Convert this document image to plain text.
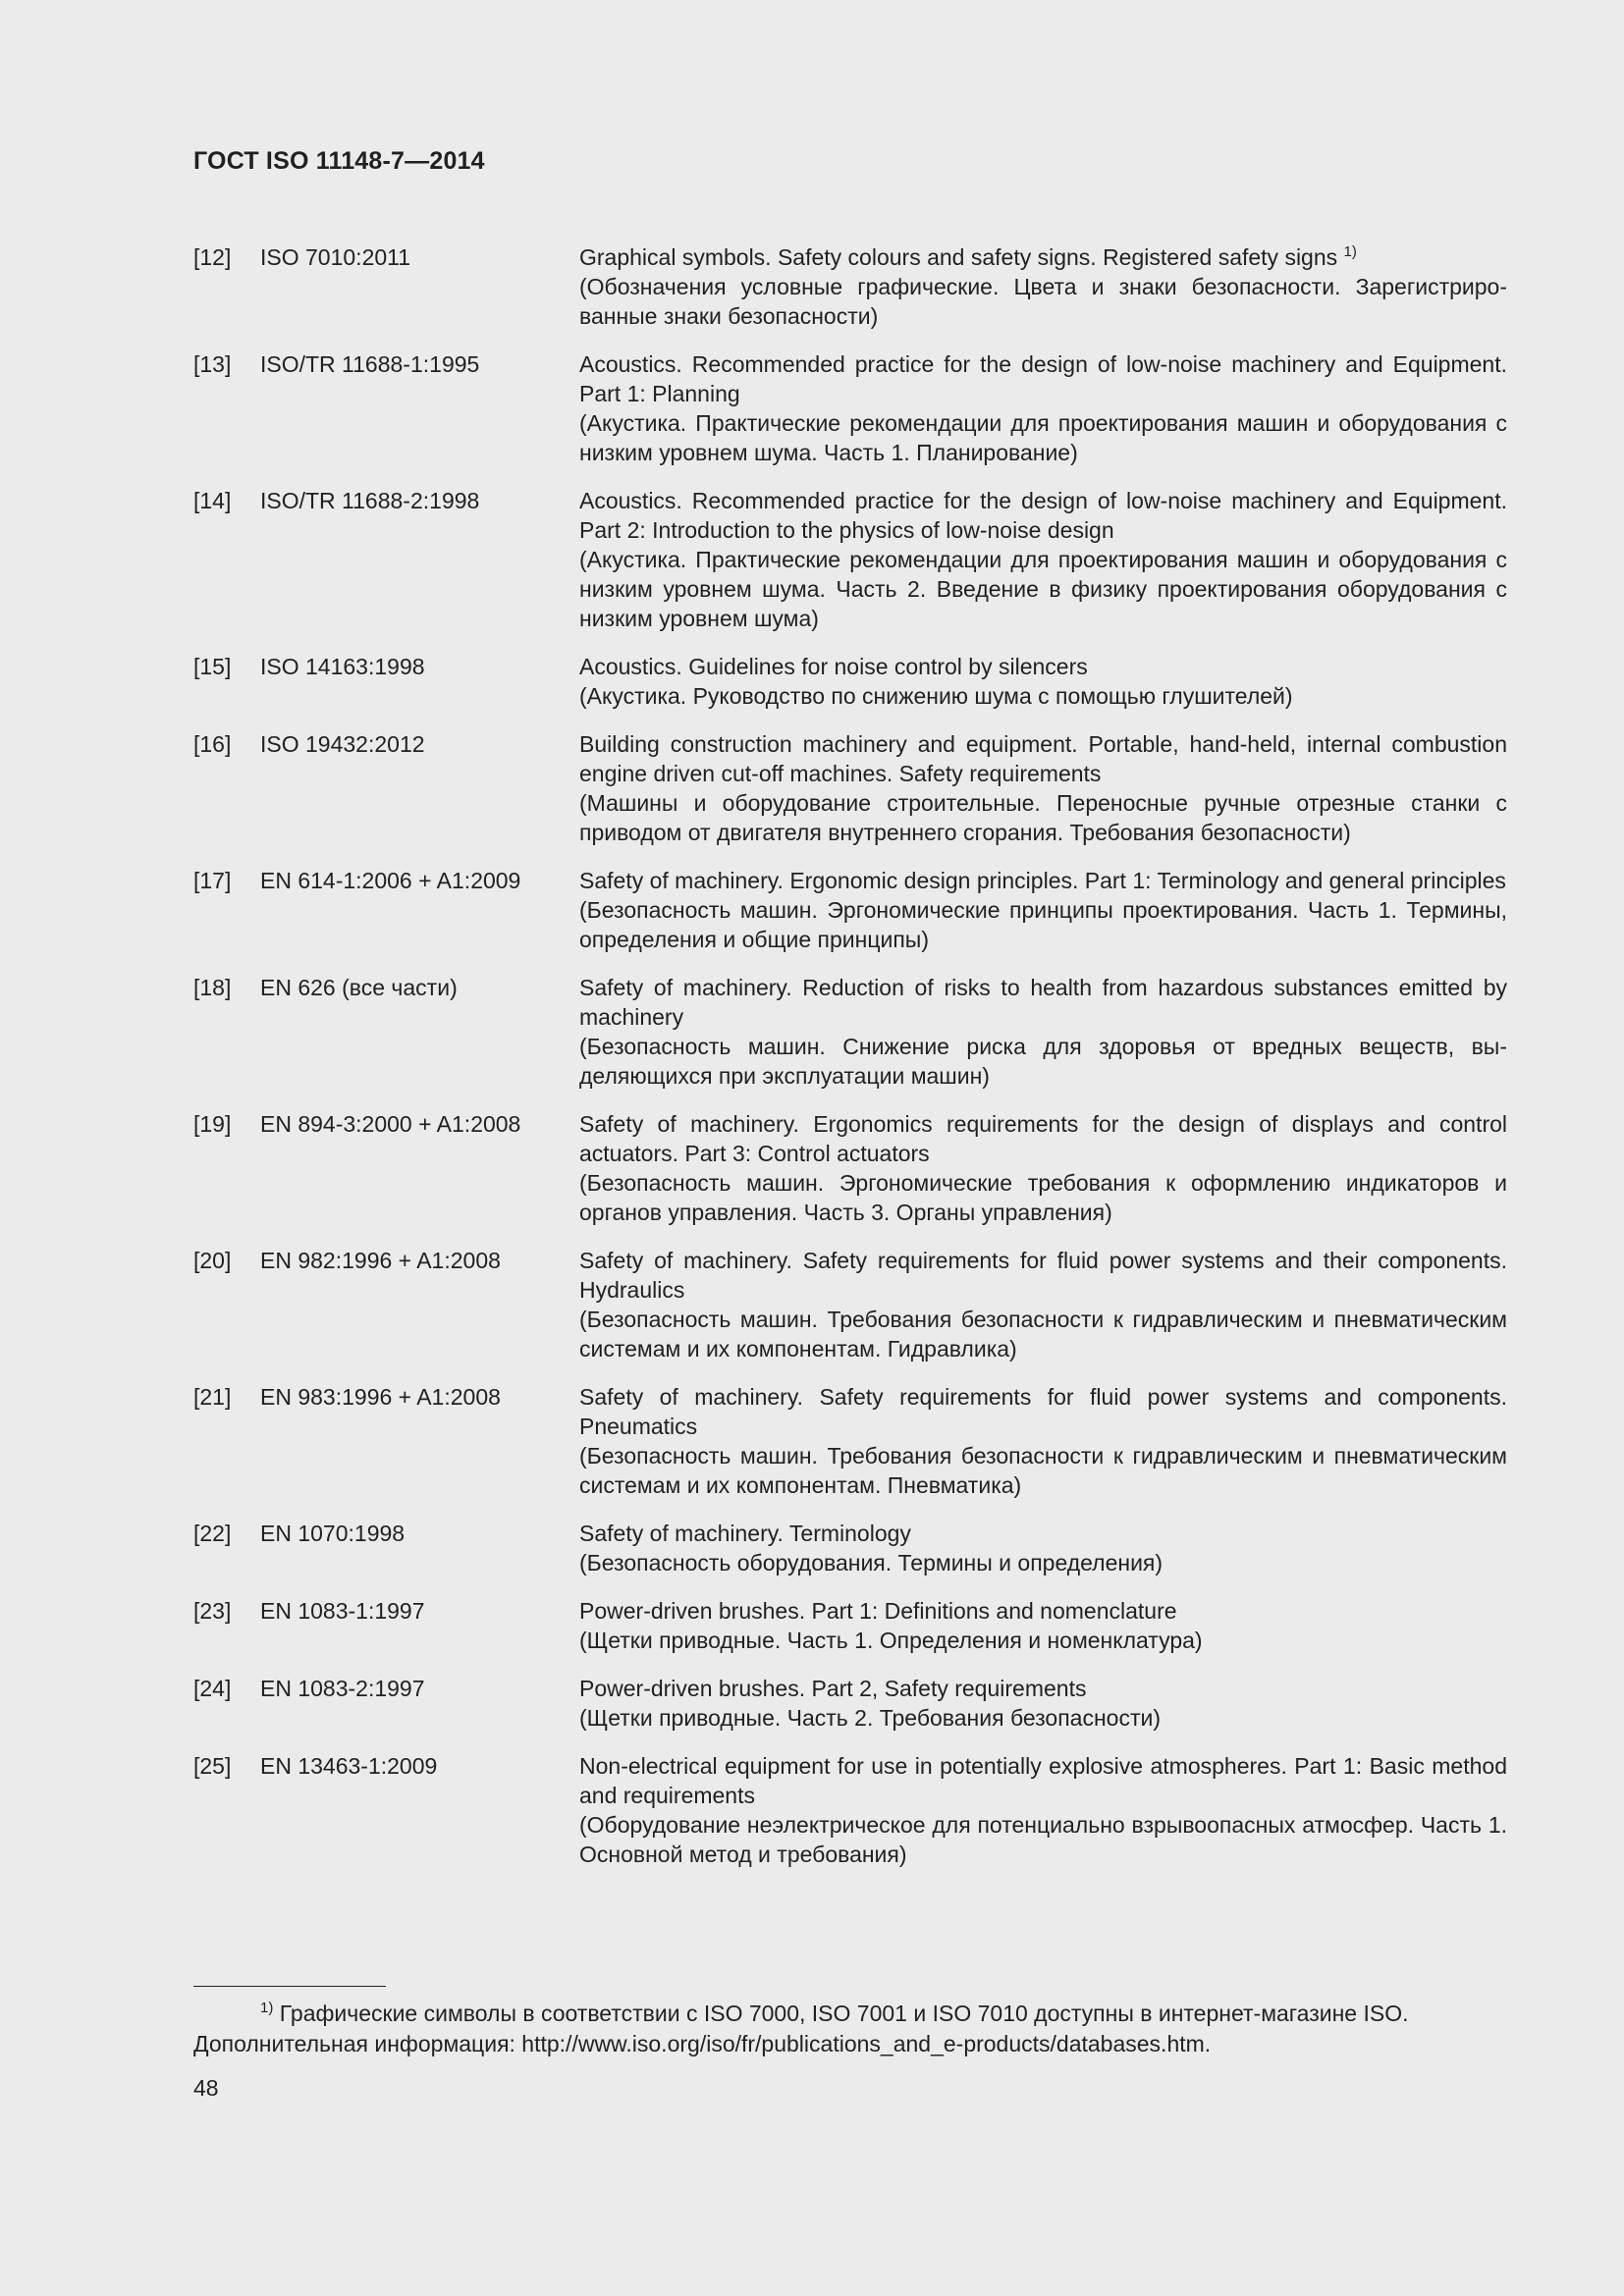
ГОСТ ISO 11148-7—2014
[12]	ISO 7010:2011	Graphical symbols. Safety colours and safety signs. Registered safety signs $^{1)}$

(Обозначения условные графические. Цвета и знаки безопасности. Зарегистрированные знаки безопасности)

[13]	ISO/TR 11688-1:1995	Acoustics. Recommended practice for the design of low-noise machinery and Equipment. Part 1: Planning

(Акустика. Практические рекомендации для проектирования машин и оборудования с низким уровнем шума. Часть 1. Планирование)

[14]	ISO/TR 11688-2:1998	Acoustics. Recommended practice for the design of low-noise machinery and Equipment. Part 2: Introduction to the physics of low-noise design

(Акустика. Практические рекомендации для проектирования машин и оборудования с низким уровнем шума. Часть 2. Введение в физику проектирования оборудования с низким уровнем шума)

[15]	ISO 14163:1998	Acoustics. Guidelines for noise control by silencers

(Акустика. Руководство по снижению шума с помощью глушителей)

[16]	ISO 19432:2012	Building construction machinery and equipment. Portable, hand-held, internal combustion engine driven cut-off machines. Safety requirements

(Машины и оборудование строительные. Переносные ручные отрезные станки с приводом от двигателя внутреннего сгорания. Требования безопасности)

[17]	EN 614-1:2006 + A1:2009	Safety of machinery. Ergonomic design principles. Part 1: Terminology and general principles

(Безопасность машин. Эргономические принципы проектирования. Часть 1. Термины, определения и общие принципы)

[18]	EN 626 (все части)	Safety of machinery. Reduction of risks to health from hazardous substances emitted by machinery

(Безопасность машин. Снижение риска для здоровья от вредных веществ, выделяющихся при эксплуатации машин)

[19]	EN 894-3:2000 + A1:2008	Safety of machinery. Ergonomics requirements for the design of displays and control actuators. Part 3: Control actuators

(Безопасность машин. Эргономические требования к оформлению индикаторов и органов управления. Часть 3. Органы управления)

[20]	EN 982:1996 + A1:2008	Safety of machinery. Safety requirements for fluid power systems and their components. Hydraulics

(Безопасность машин. Требования безопасности к гидравлическим и пневматическим системам и их компонентам. Гидравлика)

[21]	EN 983:1996 + A1:2008	Safety of machinery. Safety requirements for fluid power systems and components. Pneumatics

(Безопасность машин. Требования безопасности к гидравлическим и пневматическим системам и их компонентам. Пневматика)

[22]	EN 1070:1998	Safety of machinery. Terminology

(Безопасность оборудования. Термины и определения)

[23]	EN 1083-1:1997	Power-driven brushes. Part 1: Definitions and nomenclature

(Щетки приводные. Часть 1. Определения и номенклатура)

[24]	EN 1083-2:1997	Power-driven brushes. Part 2, Safety requirements

(Щетки приводные. Часть 2. Требования безопасности)

[25]	EN 13463-1:2009	Non-electrical equipment for use in potentially explosive atmospheres. Part 1: Basic method and requirements

(Оборудование неэлектрическое для потенциально взрывоопасных атмосфер. Часть 1. Основной метод и требования)

$^{1)}$ Графические символы в соответствии с ISO 7000, ISO 7001 и ISO 7010 доступны в интернет-магазине ISO.

Дополнительная информация: http://www.iso.org/iso/fr/publications_and_e-products/databases.htm.

48
